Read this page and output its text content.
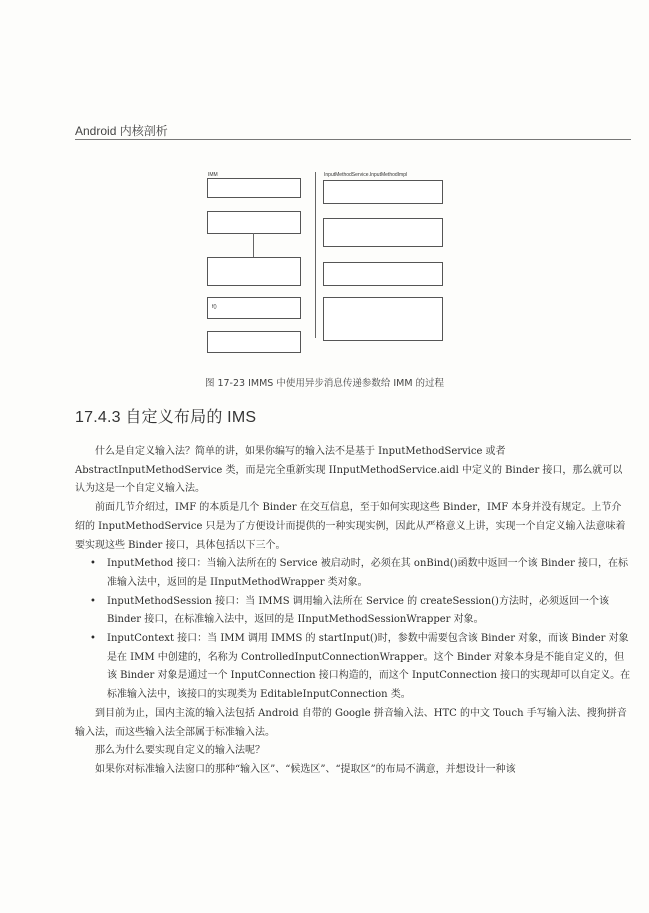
Android 内核剖析
IMM	InputMethodService.InputMethodImpl
f()
图 17-23 IMMS 中使用异步消息传递参数给 IMM 的过程
17.4.3 自定义布局的 IMS

什么是自定义输入法？简单的讲，如果你编写的输入法不是基于 InputMethodService 或者 AbstractInputMethodService 类，而是完全重新实现 IInputMethodService.aidl 中定义的 Binder 接口，那么就可以认为这是一个自定义输入法。

前面几节介绍过，IMF 的本质是几个 Binder 在交互信息，至于如何实现这些 Binder，IMF 本身并没有规定。上节介绍的 InputMethodService 只是为了方便设计而提供的一种实现实例，因此从严格意义上讲，实现一个自定义输入法意味着要实现这些 Binder 接口，具体包括以下三个。

• InputMethod 接口：当输入法所在的 Service 被启动时，必须在其 onBind()函数中返回一个该 Binder 接口，在标准输入法中，返回的是 IInputMethodWrapper 类对象。

• InputMethodSession 接口：当 IMMS 调用输入法所在 Service 的 createSession()方法时，必须返回一个该 Binder 接口，在标准输入法中，返回的是 IInputMethodSessionWrapper 对象。

• InputContext 接口：当 IMM 调用 IMMS 的 startInput()时，参数中需要包含该 Binder 对象，而该 Binder 对象是在 IMM 中创建的，名称为 ControlledInputConnectionWrapper。这个 Binder 对象本身是不能自定义的，但该 Binder 对象是通过一个 InputConnection 接口构造的，而这个 InputConnection 接口的实现却可以自定义。在标准输入法中，该接口的实现类为 EditableInputConnection 类。

到目前为止，国内主流的输入法包括 Android 自带的 Google 拼音输入法、HTC 的中文 Touch 手写输入法、搜狗拼音输入法，而这些输入法全部属于标准输入法。

那么为什么要实现自定义的输入法呢？

如果你对标准输入法窗口的那种“输入区”、“候选区”、“提取区”的布局不满意，并想设计一种该
